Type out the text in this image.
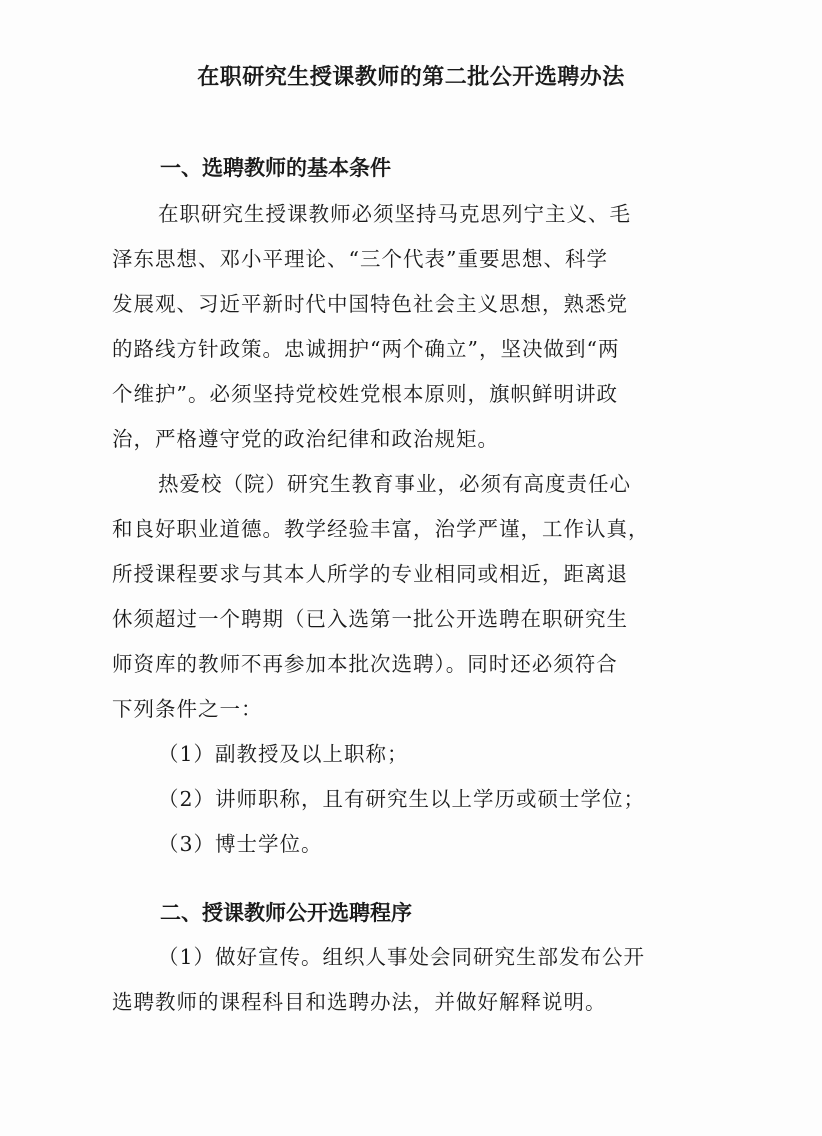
在职研究生授课教师的第二批公开选聘办法
一、选聘教师的基本条件

在职研究生授课教师必须坚持马克思列宁主义、毛

泽东思想、邓小平理论、“三个代表”重要思想、科学

发展观、习近平新时代中国特色社会主义思想，熟悉党

的路线方针政策。忠诚拥护“两个确立”，坚决做到“两

个维护”。必须坚持党校姓党根本原则，旗帜鲜明讲政

治，严格遵守党的政治纪律和政治规矩。

热爱校（院）研究生教育事业，必须有高度责任心

和良好职业道德。教学经验丰富，治学严谨，工作认真，

所授课程要求与其本人所学的专业相同或相近，距离退

休须超过一个聘期（已入选第一批公开选聘在职研究生

师资库的教师不再参加本批次选聘）。同时还必须符合

下列条件之一：

（1）副教授及以上职称；

（2）讲师职称，且有研究生以上学历或硕士学位；

（3）博士学位。

二、授课教师公开选聘程序

（1）做好宣传。组织人事处会同研究生部发布公开

选聘教师的课程科目和选聘办法，并做好解释说明。
